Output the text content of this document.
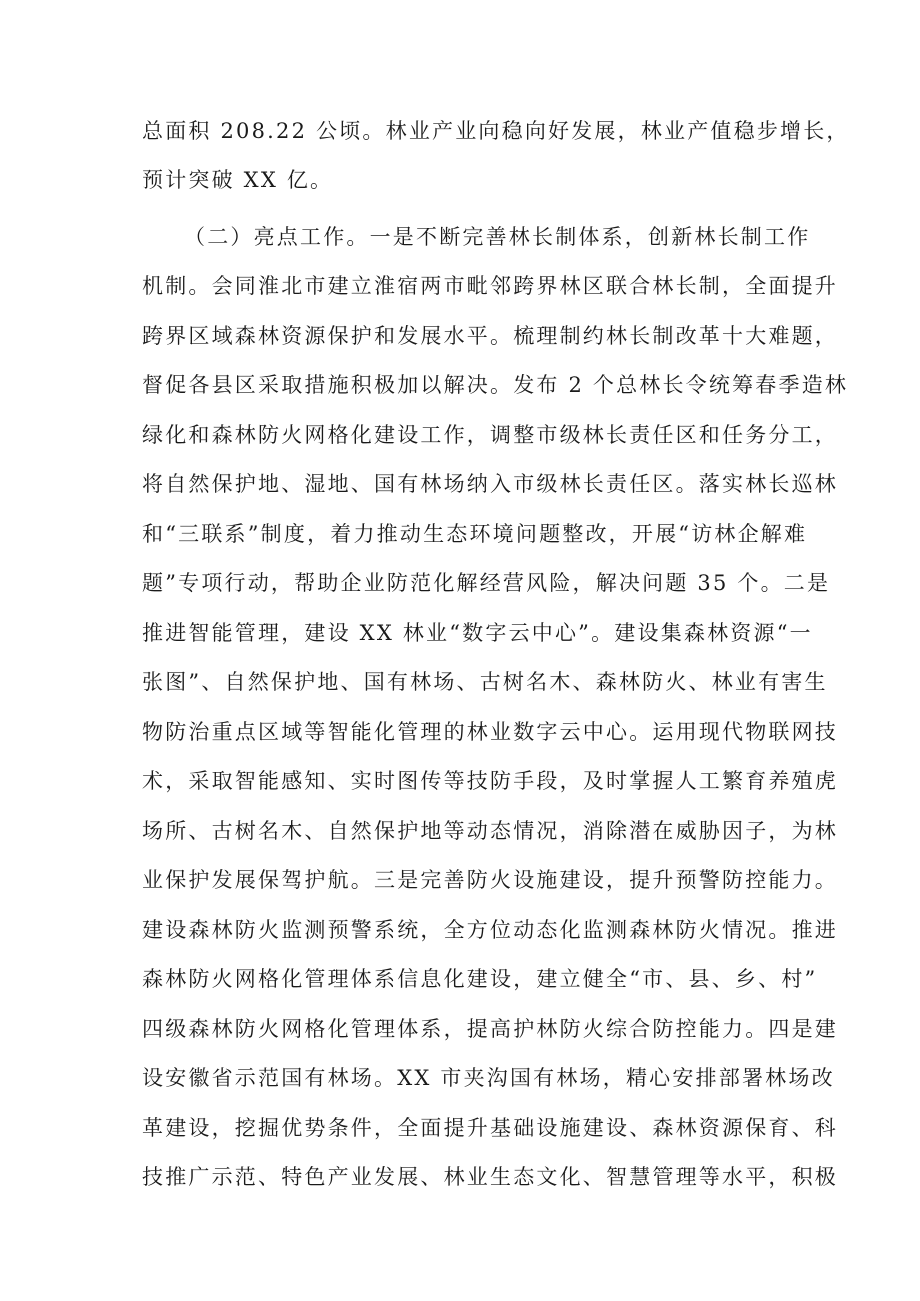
总面积 208.22 公顷。林业产业向稳向好发展，林业产值稳步增长，
预计突破 XX 亿。
（二）亮点工作。一是不断完善林长制体系，创新林长制工作
机制。会同淮北市建立淮宿两市毗邻跨界林区联合林长制，全面提升
跨界区域森林资源保护和发展水平。梳理制约林长制改革十大难题，
督促各县区采取措施积极加以解决。发布 2 个总林长令统筹春季造林
绿化和森林防火网格化建设工作，调整市级林长责任区和任务分工，
将自然保护地、湿地、国有林场纳入市级林长责任区。落实林长巡林
和“三联系”制度，着力推动生态环境问题整改，开展“访林企解难
题”专项行动，帮助企业防范化解经营风险，解决问题 35 个。二是
推进智能管理，建设 XX 林业“数字云中心”。建设集森林资源“一
张图”、自然保护地、国有林场、古树名木、森林防火、林业有害生
物防治重点区域等智能化管理的林业数字云中心。运用现代物联网技
术，采取智能感知、实时图传等技防手段，及时掌握人工繁育养殖虎
场所、古树名木、自然保护地等动态情况，消除潜在威胁因子，为林
业保护发展保驾护航。三是完善防火设施建设，提升预警防控能力。
建设森林防火监测预警系统，全方位动态化监测森林防火情况。推进
森林防火网格化管理体系信息化建设，建立健全“市、县、乡、村”
四级森林防火网格化管理体系，提高护林防火综合防控能力。四是建
设安徽省示范国有林场。XX 市夹沟国有林场，精心安排部署林场改
革建设，挖掘优势条件，全面提升基础设施建设、森林资源保育、科
技推广示范、特色产业发展、林业生态文化、智慧管理等水平，积极
